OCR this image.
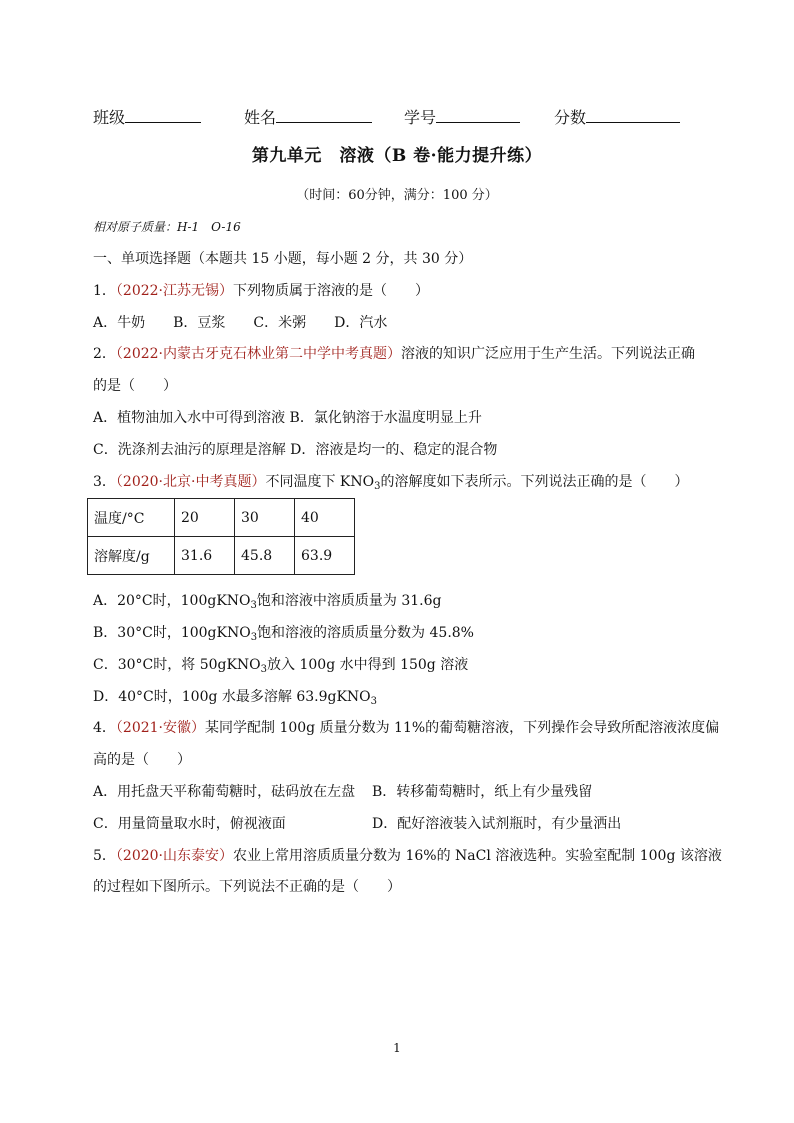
班级	姓名	学号	分数
第九单元　溶液（B 卷·能力提升练）
（时间：60分钟，满分：100 分）
相对原子质量：H-1　O-16
一、单项选择题（本题共 15 小题，每小题 2 分，共 30 分）
1．（2022·江苏无锡）下列物质属于溶液的是（　　）
A．牛奶　　B．豆浆　　C．米粥　　D．汽水
2．（2022·内蒙古牙克石林业第二中学中考真题）溶液的知识广泛应用于生产生活。下列说法正确
的是（　　）
A．植物油加入水中可得到溶液 B．氯化钠溶于水温度明显上升
C．洗涤剂去油污的原理是溶解 D．溶液是均一的、稳定的混合物
3．（2020·北京·中考真题）不同温度下 $KNO_3$的溶解度如下表所示。下列说法正确的是（　　）
温度/°C	20	30	40
溶解度/g	31.6	45.8	63.9
A．20°C时，100gKNO$_3$饱和溶液中溶质质量为 31.6g
B．30°C时，100gKNO$_3$饱和溶液的溶质质量分数为 45.8%
C．30°C时，将 50gKNO$_3$放入 100g 水中得到 150g 溶液
D．40°C时，100g 水最多溶解 63.9gKNO$_3$
4．（2021·安徽）某同学配制 100g 质量分数为 11%的葡萄糖溶液，下列操作会导致所配溶液浓度偏
高的是（　　）
A．用托盘天平称葡萄糖时，砝码放在左盘 B．转移葡萄糖时，纸上有少量残留
C．用量筒量取水时，俯视液面	D．配好溶液装入试剂瓶时，有少量洒出
5．（2020·山东泰安）农业上常用溶质质量分数为 16%的 NaCl 溶液选种。实验室配制 100g 该溶液
的过程如下图所示。下列说法不正确的是（　　）
1
